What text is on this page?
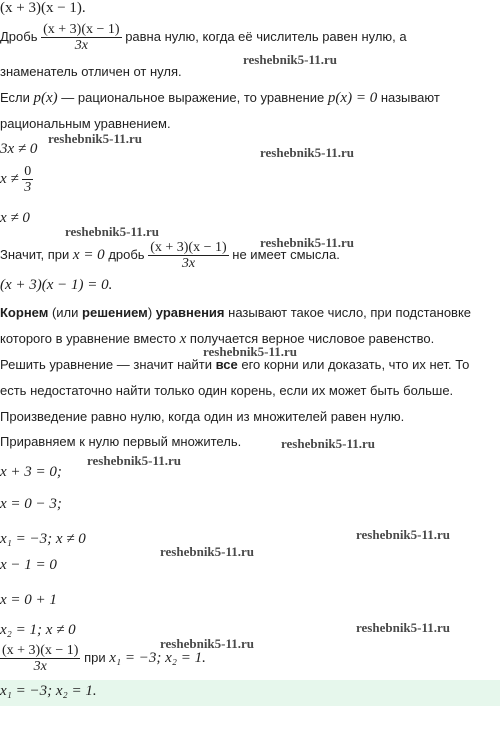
(x + 3)(x − 1).
Дробь $\frac{(x + 3)(x - 1)}{3x}$ равна нулю, когда её числитель равен нулю, а
знаменатель отличен от нуля.
Если p(x) — рациональное выражение, то уравнение p(x) = 0 называют
рациональным уравнением.
3x ≠ 0
$x \ne \frac{0}{3}$
x ≠ 0
Значит, при x = 0 дробь $\frac{(x + 3)(x - 1)}{3x}$ не имеет смысла.
(x + 3)(x − 1) = 0.
Корнем (или решением) уравнения называют такое число, при подстановке
которого в уравнение вместо x получается верное числовое равенство.
Решить уравнение — значит найти все его корни или доказать, что их нет. То
есть недостаточно найти только один корень, если их может быть больше.
Произведение равно нулю, когда один из множителей равен нулю.
Приравняем к нулю первый множитель.
x + 3 = 0;
x = 0 − 3;
x₁ = −3; x ≠ 0
x − 1 = 0
x = 0 + 1
x₂ = 1; x ≠ 0
$\frac{(x + 3)(x - 1)}{3x}$ при x₁ = −3; x₂ = 1.
x₁ = −3; x₂ = 1.
reshebnik5-11.ru
reshebnik5-11.ru
reshebnik5-11.ru
reshebnik5-11.ru
reshebnik5-11.ru
reshebnik5-11.ru
reshebnik5-11.ru
reshebnik5-11.ru
reshebnik5-11.ru
reshebnik5-11.ru
reshebnik5-11.ru
reshebnik5-11.ru
